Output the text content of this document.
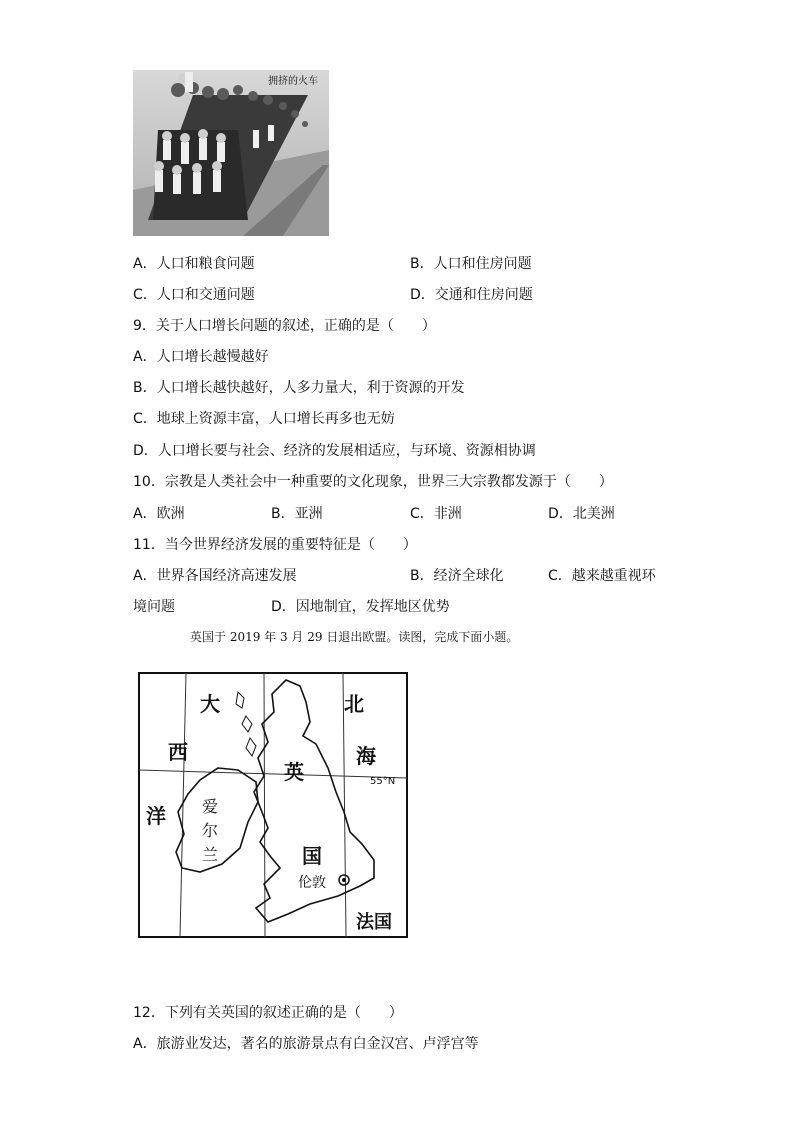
拥挤的火车
A．人口和粮食问题	B．人口和住房问题
C．人口和交通问题	D．交通和住房问题
9．关于人口增长问题的叙述，正确的是（　　）
A．人口增长越慢越好
B．人口增长越快越好，人多力量大，利于资源的开发
C．地球上资源丰富，人口增长再多也无妨
D．人口增长要与社会、经济的发展相适应，与环境、资源相协调
10．宗教是人类社会中一种重要的文化现象，世界三大宗教都发源于（　　）
A．欧洲	B．亚洲	C．非洲	D．北美洲
11．当今世界经济发展的重要特征是（　　）
A．世界各国经济高速发展	B．经济全球化	C．越来越重视环
境问题	D．因地制宜，发挥地区优势
英国于 2019 年 3 月 29 日退出欧盟。读图，完成下面小题。
大
西
洋
北
海
英
国
爱
尔
兰
伦敦
法国
55°N
12．下列有关英国的叙述正确的是（　　）
A．旅游业发达，著名的旅游景点有白金汉宫、卢浮宫等
